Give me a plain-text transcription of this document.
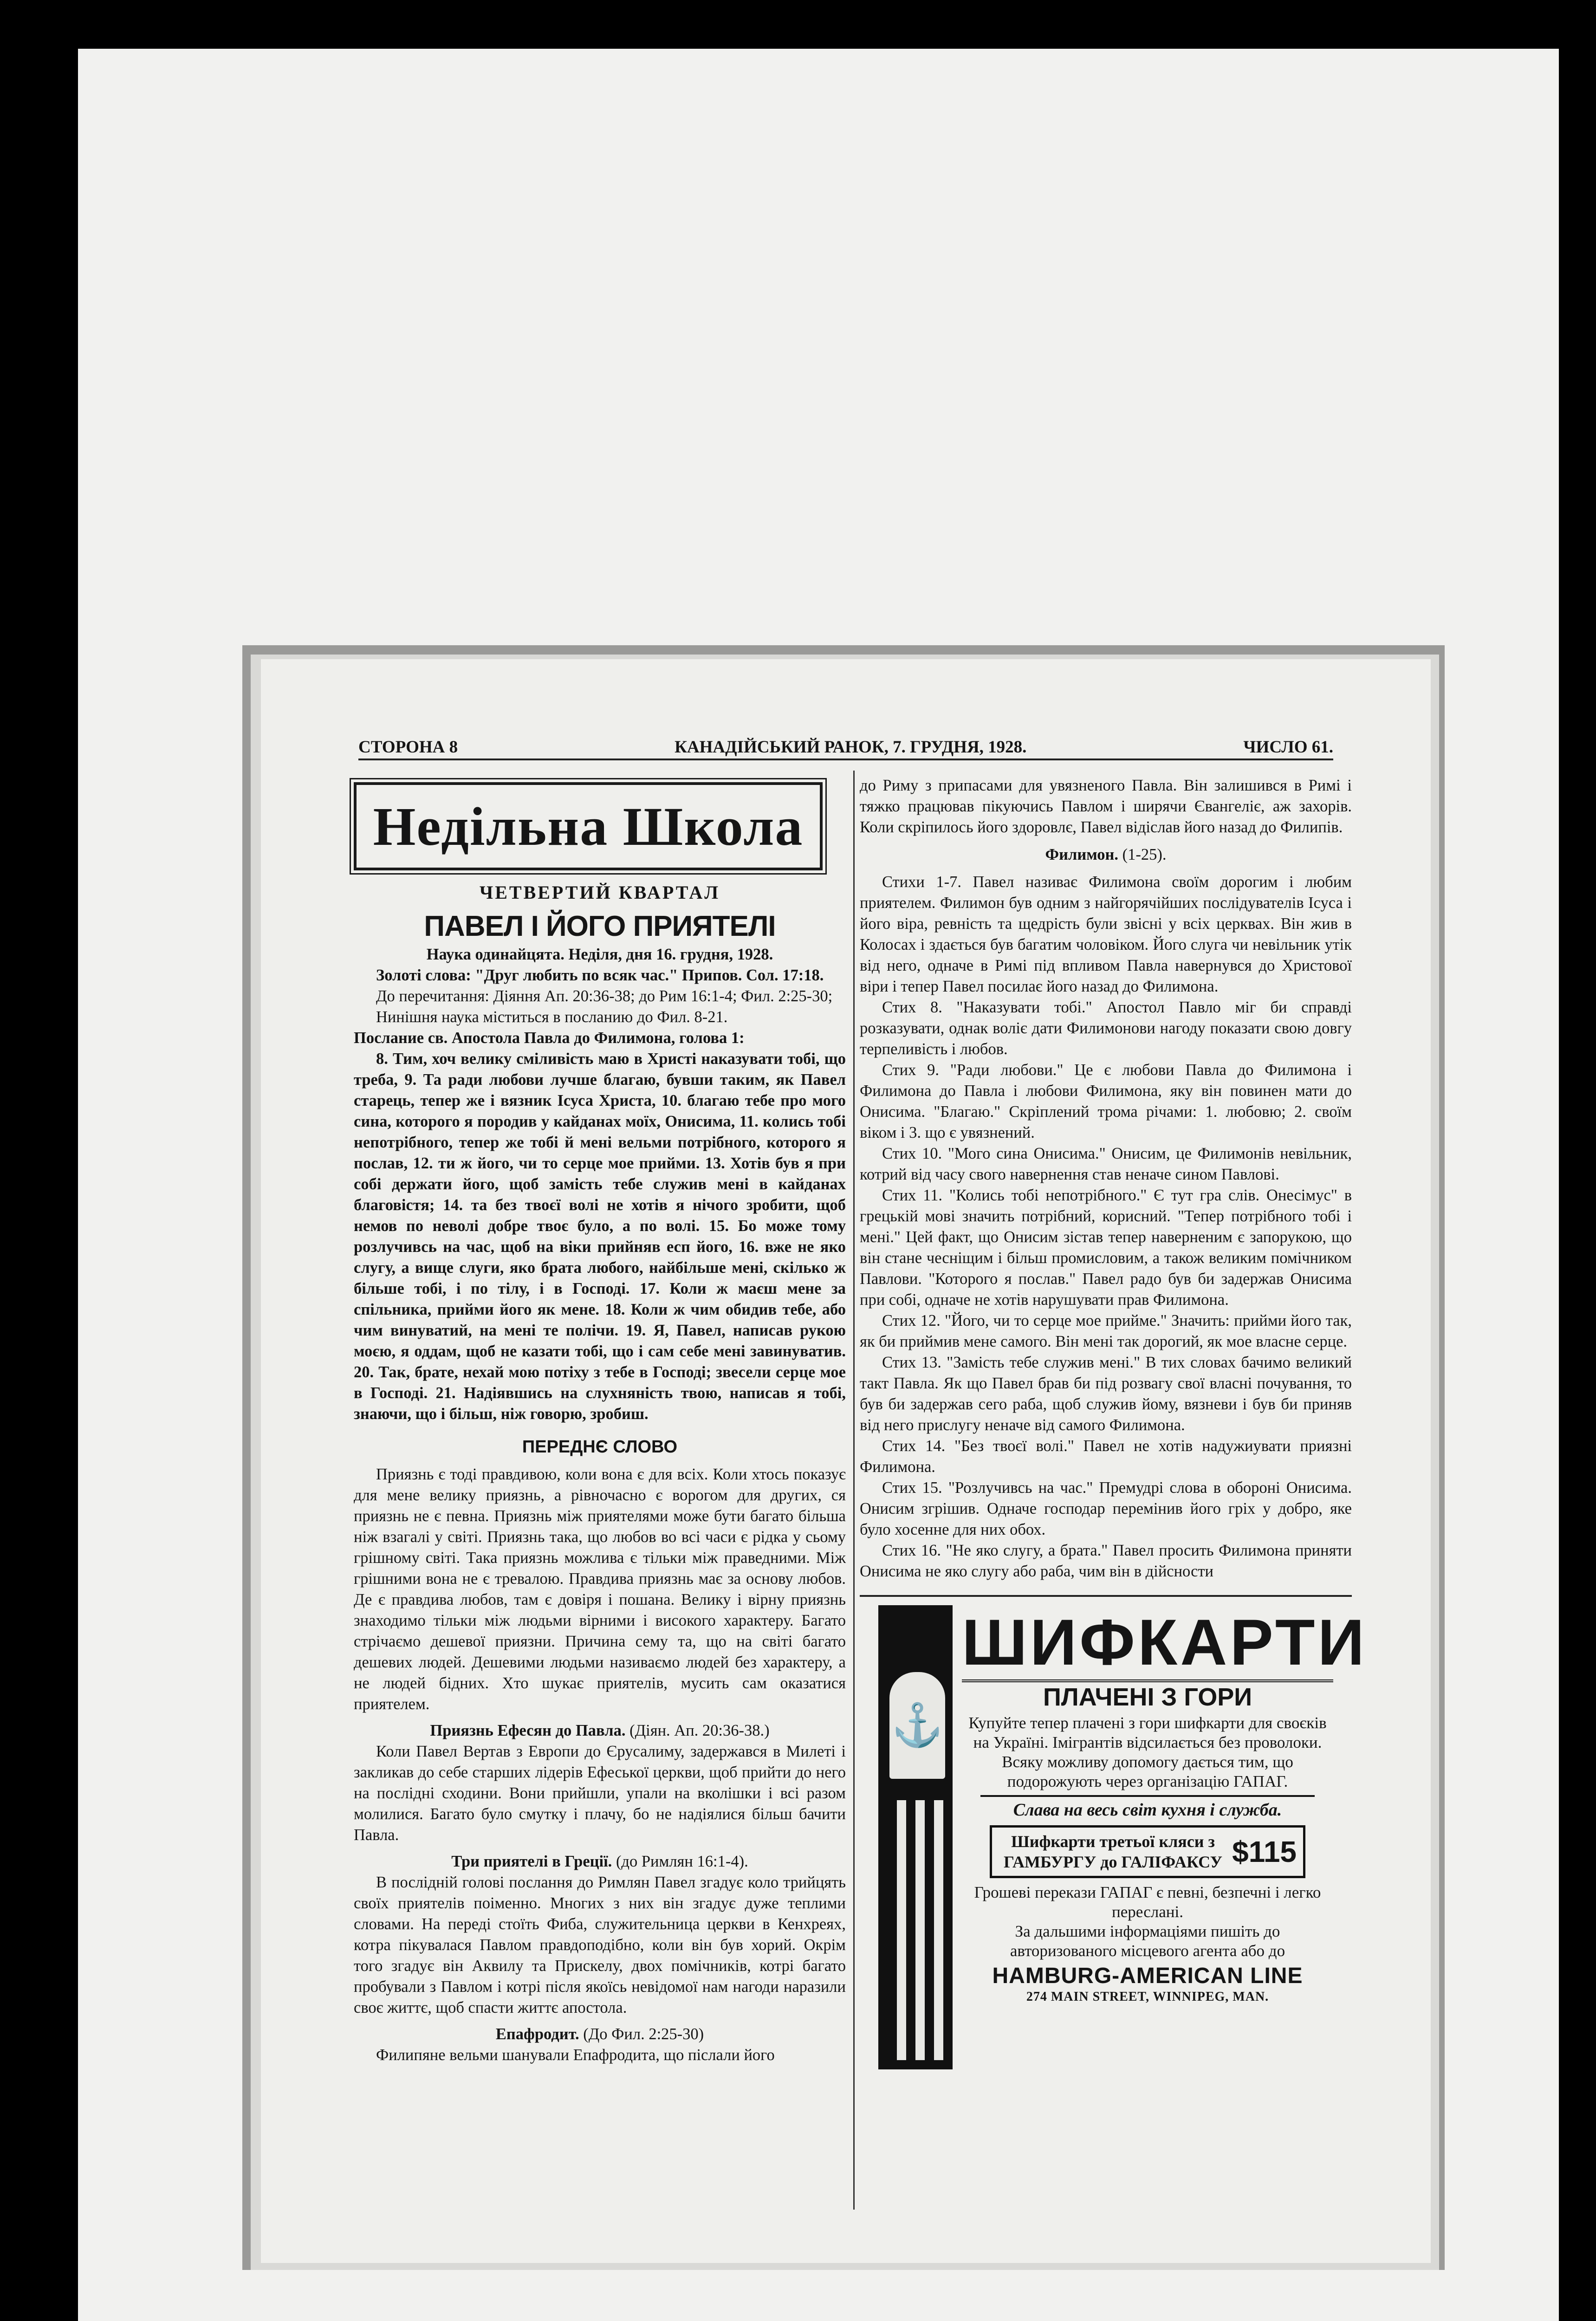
СТОРОНА 8	КАНАДІЙСЬКИЙ РАНОК, 7. ГРУДНЯ, 1928.	ЧИСЛО 61.
Недільна Школа
ЧЕТВЕРТИЙ КВАРТАЛ
ПАВЕЛ І ЙОГО ПРИЯТЕЛІ

Наука одинайцята. Неділя, дня 16. грудня, 1928.

Золоті слова: "Друг любить по всяк час." Припов. Сол. 17:18.

До перечитання: Діяння Ап. 20:36-38; до Рим 16:1-4; Фил. 2:25-30;

Нинішня наука міститься в посланию до Фил. 8-21.

Послание св. Апостола Павла до Филимона, голова 1:

8. Тим, хоч велику сміливість маю в Христі наказувати тобі, що треба, 9. Та ради любови лучше благаю, бувши таким, як Павел старець, тепер же і вязник Ісуса Христа, 10. благаю тебе про мого сина, которого я породив у кайданах моїх, Онисима, 11. колись тобі непотрібного, тепер же тобі й мені вельми потрібного, которого я послав, 12. ти ж його, чи то серце мое прийми. 13. Хотів був я при собі держати його, щоб замість тебе служив мені в кайданах благовістя; 14. та без твоєї волі не хотів я нічого зробити, щоб немов по неволі добре твоє було, а по волі. 15. Бо може тому розлучивсь на час, щоб на віки прийняв есп його, 16. вже не яко слугу, а вище слуги, яко брата любого, найбільше мені, скілько ж більше тобі, і по тілу, і в Господі. 17. Коли ж маєш мене за спільника, прийми його як мене. 18. Коли ж чим обидив тебе, або чим винуватий, на мені те полічи. 19. Я, Павел, написав рукою моєю, я оддам, щоб не казати тобі, що і сам себе мені завинуватив. 20. Так, брате, нехай мою потіху з тебе в Господі; звесели серце мое в Господі. 21. Надіявшись на слухняність твою, написав я тобі, знаючи, що і більш, ніж говорю, зробиш.

ПЕРЕДНЄ СЛОВО

Приязнь є тоді правдивою, коли вона є для всіх. Коли хтось показує для мене велику приязнь, а рівночасно є ворогом для других, ся приязнь не є певна. Приязнь між приятелями може бути багато більша ніж взагалі у світі. Приязнь така, що любов во всі часи є рідка у сьому грішному світі. Така приязнь можлива є тільки між праведними. Між грішними вона не є тревалою. Правдива приязнь має за основу любов. Де є правдива любов, там є довіря і пошана. Велику і вірну приязнь знаходимо тільки між людьми вірними і високого характеру. Багато стрічаємо дешевої приязни. Причина сему та, що на світі багато дешевих людей. Дешевими людьми називаємо людей без характеру, а не людей бідних. Хто шукає приятелів, мусить сам оказатися приятелем.

Приязнь Ефесян до Павла. (Діян. Ап. 20:36-38.)

Коли Павел Вертав з Европи до Єрусалиму, задержався в Милеті і закликав до себе старших лідерів Ефеської церкви, щоб прийти до него на послідні сходини. Вони прийшли, упали на вколішки і всі разом молилися. Багато було смутку і плачу, бо не надіялися більш бачити Павла.

Три приятелі в Греції. (до Римлян 16:1-4).

В послідній голові послання до Римлян Павел згадує коло трийцять своїх приятелів поіменно. Многих з них він згадує дуже теплими словами. На переді стоїть Фиба, служительница церкви в Кенхреях, котра пікувалася Павлом правдоподібно, коли він був хорий. Окрім того згадує він Аквилу та Прискелу, двох помічників, котрі багато пробували з Павлом і котрі після якоїсь невідомої нам нагоди наразили своє життє, щоб спасти життє апостола.

Епафродит. (До Фил. 2:25-30)

Филипяне вельми шанували Епафродита, що післали його

до Риму з припасами для увязненого Павла. Він залишився в Римі і тяжко працював пікуючись Павлом і ширячи Євангеліє, аж захорів. Коли скріпилось його здоровлє, Павел відіслав його назад до Филипів.

Филимон. (1-25).

Стихи 1-7. Павел називає Филимона своїм дорогим і любим приятелем. Филимон був одним з найгорячійших послідувателів Ісуса і його віра, ревність та щедрість були звісні у всіх церквах. Він жив в Колосах і здається був багатим чоловіком. Його слуга чи невільник утік від него, одначе в Римі під впливом Павла навернувся до Христової віри і тепер Павел посилає його назад до Филимона.

Стих 8. "Наказувати тобі." Апостол Павло міг би справді розказувати, однак воліє дати Филимонови нагоду показати свою довгу терпеливість і любов.

Стих 9. "Ради любови." Це є любови Павла до Филимона і Филимона до Павла і любови Филимона, яку він повинен мати до Онисима. "Благаю." Скріплений трома річами: 1. любовю; 2. своїм віком і 3. що є увязнений.

Стих 10. "Мого сина Онисима." Онисим, це Филимонів невільник, котрий від часу свого навернення став неначе сином Павлові.

Стих 11. "Колись тобі непотрібного." Є тут гра слів. Онесімус" в грецькій мові значить потрібний, корисний. "Тепер потрібного тобі і мені." Цей факт, що Онисим зістав тепер наверненим є запорукою, що він стане чесніщим і більш промисловим, а також великим помічником Павлови. "Которого я послав." Павел радо був би задержав Онисима при собі, одначе не хотів нарушувати прав Филимона.

Стих 12. "Його, чи то серце мое прийме." Значить: прийми його так, як би приймив мене самого. Він мені так дорогий, як мое власне серце.

Стих 13. "Замість тебе служив мені." В тих словах бачимо великий такт Павла. Як що Павел брав би під розвагу свої власні почування, то був би задержав сего раба, щоб служив йому, вязневи і був би приняв від него прислугу неначе від самого Филимона.

Стих 14. "Без твоєї волі." Павел не хотів надужиувати приязні Филимона.

Стих 15. "Розлучивсь на час." Премудрі слова в обороні Онисима. Онисим згрішив. Одначе господар перемінив його гріх у добро, яке було хосенне для них обох.

Стих 16. "Не яко слугу, а брата." Павел просить Филимона приняти Онисима не яко слугу або раба, чим він в дійсности

⚓
ШИФКАРТИ
ПЛАЧЕНІ З ГОРИ
Купуйте тепер плачені з гори шифкарти для своєків на Україні. Імігрантів відсилається без проволоки. Всяку можливу допомогу дається тим, що подорожують через організацію ГАПАГ.
Слава на весь світ кухня і служба.
Шифкарти третьої кляси з ГАМБУРГУ до ГАЛІФАКСУ $115
Грошеві перекази ГАПАГ є певні, безпечні і легко переслані.
За дальшими інформаціями пишіть до авторизованого місцевого агента або до
HAMBURG-AMERICAN LINE
274 MAIN STREET, WINNIPEG, MAN.
